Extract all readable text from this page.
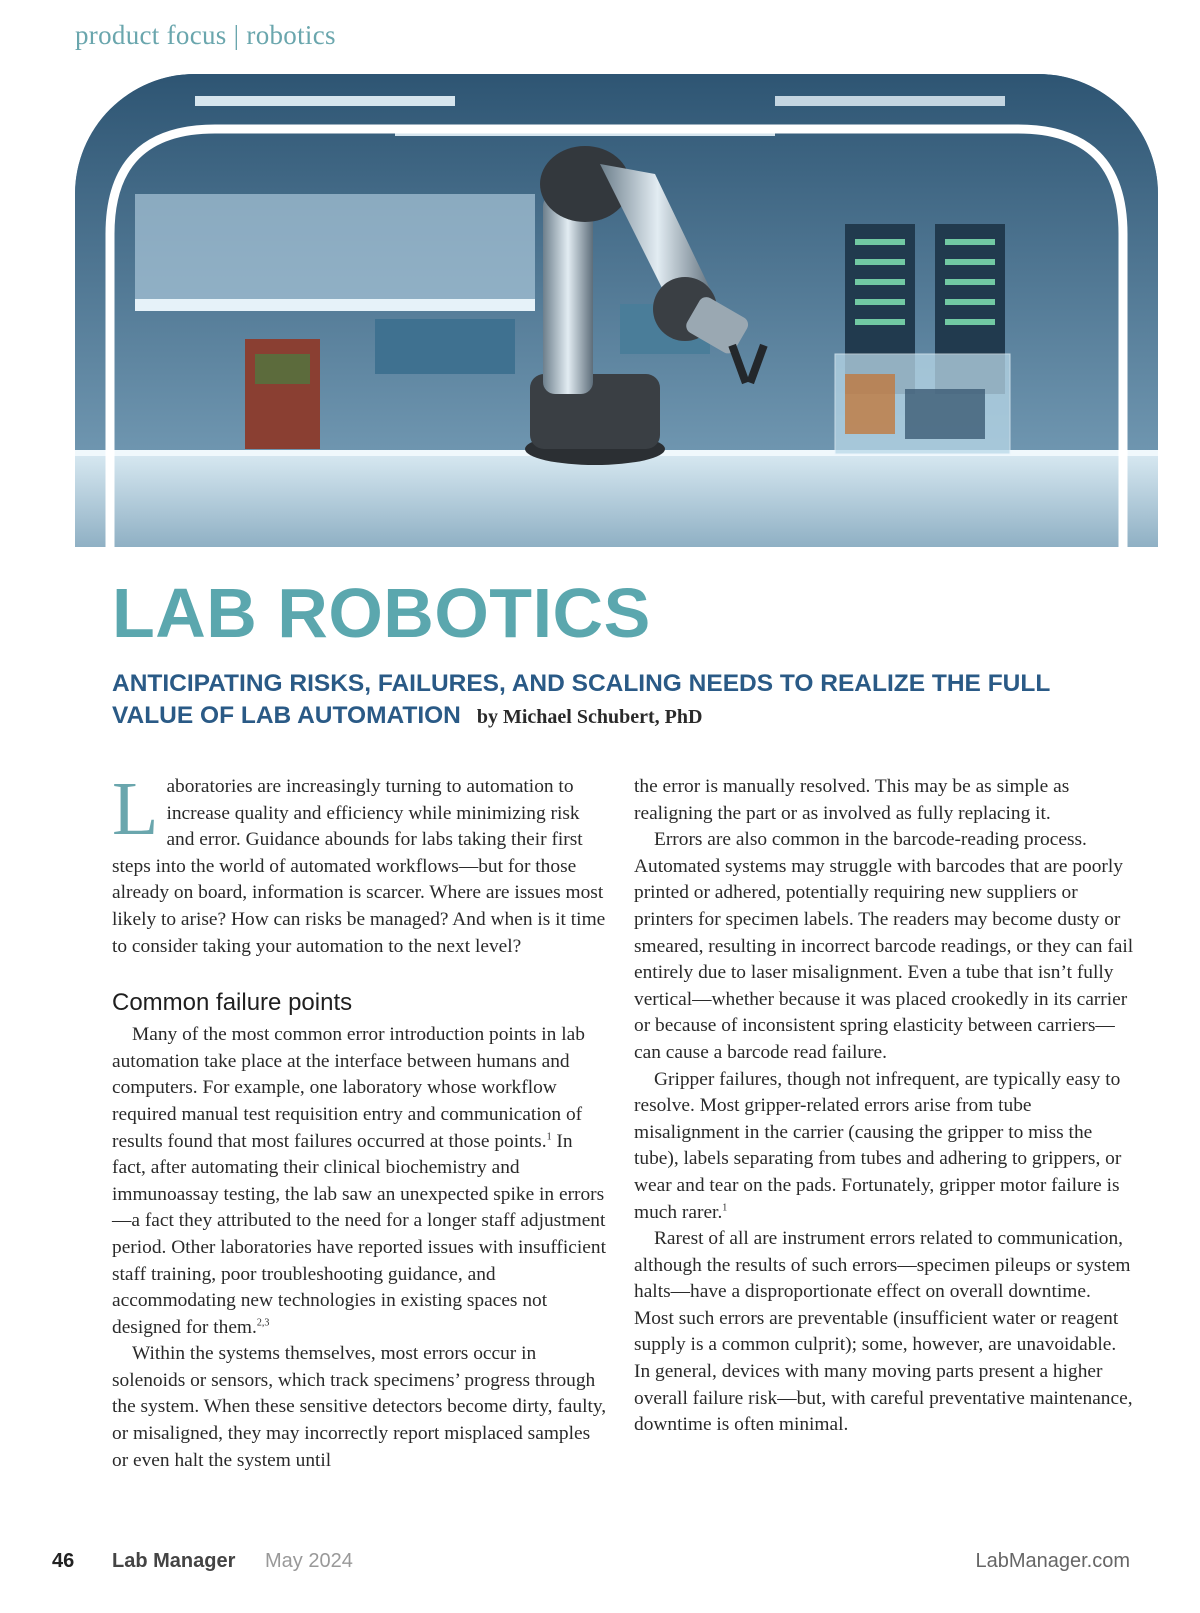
product focus | robotics
LAB ROBOTICS
ANTICIPATING RISKS, FAILURES, AND SCALING NEEDS TO REALIZE THE FULL VALUE OF LAB AUTOMATION by Michael Schubert, PhD

Laboratories are increasingly turning to automation to increase quality and efficiency while minimizing risk and error. Guidance abounds for labs taking their first steps into the world of automated workflows—but for those already on board, information is scarcer. Where are issues most likely to arise? How can risks be managed? And when is it time to consider taking your automation to the next level?

Common failure points

Many of the most common error introduction points in lab automation take place at the interface between humans and computers. For example, one laboratory whose workflow required manual test requisition entry and communication of results found that most failures occurred at those points.$^1$ In fact, after automating their clinical biochemistry and immunoassay testing, the lab saw an unexpected spike in errors—a fact they attributed to the need for a longer staff adjustment period. Other laboratories have reported issues with insufficient staff training, poor troubleshooting guidance, and accommodating new technologies in existing spaces not designed for them.$^{2,3}$

Within the systems themselves, most errors occur in solenoids or sensors, which track specimens’ progress through the system. When these sensitive detectors become dirty, faulty, or misaligned, they may incorrectly report misplaced samples or even halt the system until

the error is manually resolved. This may be as simple as realigning the part or as involved as fully replacing it.

Errors are also common in the barcode-reading process. Automated systems may struggle with barcodes that are poorly printed or adhered, potentially requiring new suppliers or printers for specimen labels. The readers may become dusty or smeared, resulting in incorrect barcode readings, or they can fail entirely due to laser misalignment. Even a tube that isn’t fully vertical—whether because it was placed crookedly in its carrier or because of inconsistent spring elasticity between carriers—can cause a barcode read failure.

Gripper failures, though not infrequent, are typically easy to resolve. Most gripper-related errors arise from tube misalignment in the carrier (causing the gripper to miss the tube), labels separating from tubes and adhering to grippers, or wear and tear on the pads. Fortunately, gripper motor failure is much rarer.$^1$

Rarest of all are instrument errors related to communication, although the results of such errors—specimen pileups or system halts—have a disproportionate effect on overall downtime. Most such errors are preventable (insufficient water or reagent supply is a common culprit); some, however, are unavoidable. In general, devices with many moving parts present a higher overall failure risk—but, with careful preventative maintenance, downtime is often minimal.

46 Lab Manager May 2024	LabManager.com
